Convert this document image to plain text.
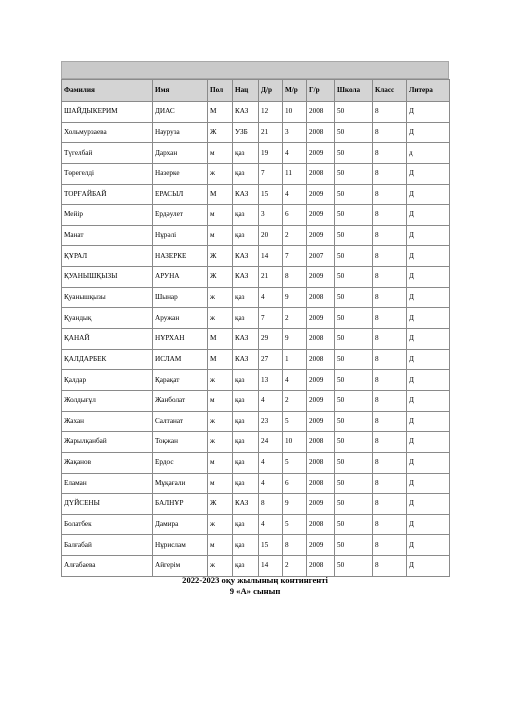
Фамилия	Имя	Пол	Нац	Д/р	М/р	Г/р	Школа	Класс	Литера
ШАЙДЫКЕРИМ	ДИАС	М	КАЗ	12	10	2008	50	8	Д
Хольмурзаева	Наурузa	Ж	УЗБ	21	3	2008	50	8	Д
Түгелбай	Дархан	м	қаз	19	4	2009	50	8	д
Төрегелді	Назерке	ж	қаз	7	11	2008	50	8	Д
ТОРҒАЙБАЙ	ЕРАСЫЛ	М	КАЗ	15	4	2009	50	8	Д
Мейір	Ердәулет	м	қаз	3	6	2009	50	8	Д
Манат	Нұрәлі	м	қаз	20	2	2009	50	8	Д
ҚҰРАЛ	НАЗЕРКЕ	Ж	КАЗ	14	7	2007	50	8	Д
ҚУАНЫШҚЫЗЫ	АРУНА	Ж	КАЗ	21	8	2009	50	8	Д
Қуанышқызы	Шынар	ж	қаз	4	9	2008	50	8	Д
Қуандық	Аружан	ж	қаз	7	2	2009	50	8	Д
ҚАНАЙ	НҰРХАН	М	КАЗ	29	9	2008	50	8	Д
ҚАЛДАРБЕК	ИСЛАМ	М	КАЗ	27	1	2008	50	8	Д
Қалдар	Қарақат	ж	қаз	13	4	2009	50	8	Д
Жолдығұл	Жанболат	м	қаз	4	2	2009	50	8	Д
Жахан	Салтанат	ж	қаз	23	5	2009	50	8	Д
Жарылқанбай	Тоқжан	ж	қаз	24	10	2008	50	8	Д
Жақанов	Ердос	м	қаз	4	5	2008	50	8	Д
Еламан	Мұқағали	м	қаз	4	6	2008	50	8	Д
ДҮЙСЕНЫ	БАЛНҰР	Ж	КАЗ	8	9	2009	50	8	Д
Болатбек	Дамира	ж	қаз	4	5	2008	50	8	Д
Балғабай	Нұрислам	м	қаз	15	8	2009	50	8	Д
Алғабаева	Айгерім	ж	қаз	14	2	2008	50	8	Д
2022-2023 оқу жылының контингенті
9 «А» сынып
